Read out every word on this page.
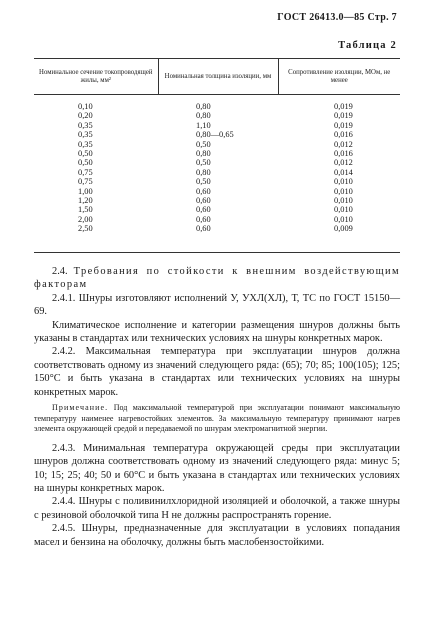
ГОСТ 26413.0—85 Стр. 7
Таблица 2
Номинальное сечение токопроводящей жилы, мм²	Номинальная толщина изоляции, мм	Сопротивление изоляции, МОм, не менее
0,10	0,80	0,019
0,20	0,80	0,019
0,35	1,10	0,019
0,35	0,80—0,65	0,016
0,35	0,50	0,012
0,50	0,80	0,016
0,50	0,50	0,012
0,75	0,80	0,014
0,75	0,50	0,010
1,00	0,60	0,010
1,20	0,60	0,010
1,50	0,60	0,010
2,00	0,60	0,010
2,50	0,60	0,009

2.4. Требования по стойкости к внешним воздействующим факторам

2.4.1. Шнуры изготовляют исполнений У, УХЛ(ХЛ), Т, ТС по ГОСТ 15150—69.

Климатическое исполнение и категории размещения шнуров должны быть указаны в стандартах или технических условиях на шнуры конкретных марок.

2.4.2. Максимальная температура при эксплуатации шнуров должна соответствовать одному из значений следующего ряда: (65); 70; 85; 100(105); 125; 150°С и быть указана в стандартах или технических условиях на шнуры конкретных марок.

Примечание. Под максимальной температурой при эксплуатации понимают максимальную температуру наименее нагревостойких элементов. За максимальную температуру принимают нагрев элемента окружающей средой и передаваемой по шнурам электромагнитной энергии.

2.4.3. Минимальная температура окружающей среды при эксплуатации шнуров должна соответствовать одному из значений следующего ряда: минус 5; 10; 15; 25; 40; 50 и 60°С и быть указана в стандартах или технических условиях на шнуры конкретных марок.

2.4.4. Шнуры с поливинилхлоридной изоляцией и оболочкой, а также шнуры с резиновой оболочкой типа Н не должны распространять горение.

2.4.5. Шнуры, предназначенные для эксплуатации в условиях попадания масел и бензина на оболочку, должны быть маслобензостойкими.
